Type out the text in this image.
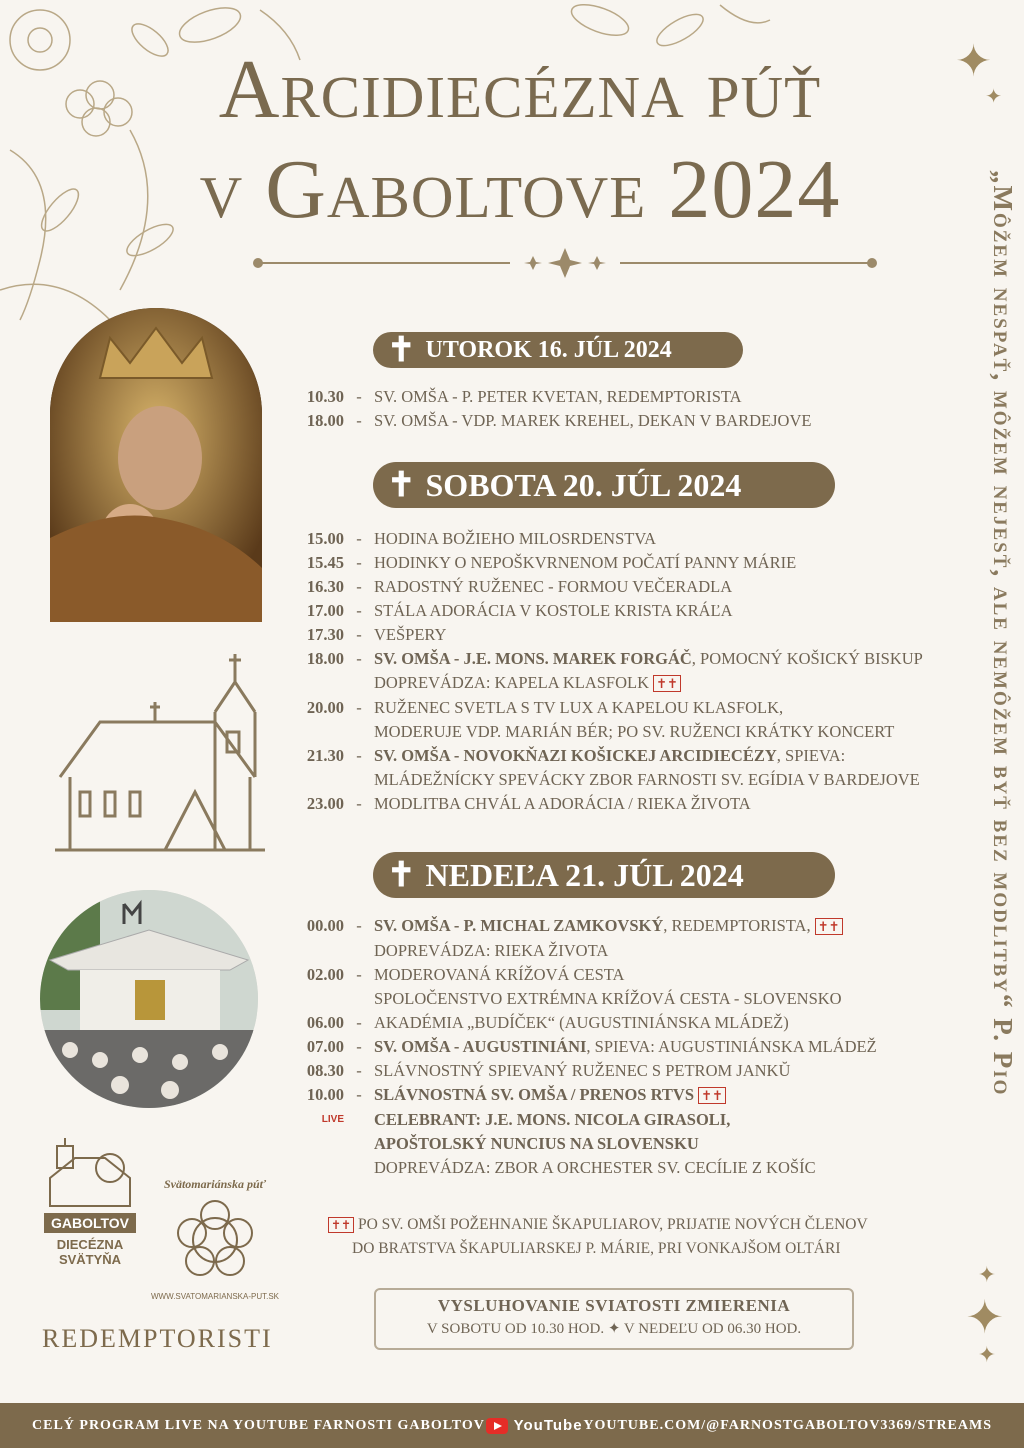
Arcidiecézna púť
v Gaboltove 2024
✦
✦
✦
✦
✦
„Môžem nespať, môžem nejesť, ale nemôžem byť bez modlitby“ P. Pio
✝ UTOROK 16. JÚL 2024
10.30 - SV. OMŠA - P. PETER KVETAN, REDEMPTORISTA
18.00 - SV. OMŠA - VDP. MAREK KREHEL, DEKAN V BARDEJOVE
✝ SOBOTA 20. JÚL 2024
15.00 - HODINA BOŽIEHO MILOSRDENSTVA
15.45 - HODINKY O NEPOŠKVRNENOM POČATÍ PANNY MÁRIE
16.30 - RADOSTNÝ RUŽENEC - FORMOU VEČERADLA
17.00 - STÁLA ADORÁCIA V KOSTOLE KRISTA KRÁĽA
17.30 - VEŠPERY
18.00 - SV. OMŠA - J.E. MONS. MAREK FORGÁČ, POMOCNÝ KOŠICKÝ BISKUP
DOPREVÁDZA: KAPELA KLASFOLK ✝✝
20.00 - RUŽENEC SVETLA S TV LUX A KAPELOU KLASFOLK,
MODERUJE VDP. MARIÁN BÉR; PO SV. RUŽENCI KRÁTKY KONCERT
21.30 - SV. OMŠA - NOVOKŇAZI KOŠICKEJ ARCIDIECÉZY, SPIEVA:
MLÁDEŽNÍCKY SPEVÁCKY ZBOR FARNOSTI SV. EGÍDIA V BARDEJOVE
23.00 - MODLITBA CHVÁL A ADORÁCIA / RIEKA ŽIVOTA
✝ NEDEĽA 21. JÚL 2024
00.00 - SV. OMŠA - P. MICHAL ZAMKOVSKÝ, REDEMPTORISTA, ✝✝
DOPREVÁDZA: RIEKA ŽIVOTA
02.00 - MODEROVANÁ KRÍŽOVÁ CESTA
SPOLOČENSTVO EXTRÉMNA KRÍŽOVÁ CESTA - SLOVENSKO
06.00 - AKADÉMIA „BUDÍČEK“ (AUGUSTINIÁNSKA MLÁDEŽ)
07.00 - SV. OMŠA - AUGUSTINIÁNI, SPIEVA: AUGUSTINIÁNSKA MLÁDEŽ
08.30 - SLÁVNOSTNÝ SPIEVANÝ RUŽENEC S PETROM JANKŬ
10.00 - SLÁVNOSTNÁ SV. OMŠA / PRENOS RTVS ✝✝
LIVE CELEBRANT: J.E. MONS. NICOLA GIRASOLI,
APOŠTOLSKÝ NUNCIUS NA SLOVENSKU
DOPREVÁDZA: ZBOR A ORCHESTER SV. CECÍLIE Z KOŠÍC
✝✝ PO SV. OMŠI POŽEHNANIE ŠKAPULIAROV, PRIJATIE NOVÝCH ČLENOV
DO BRATSTVA ŠKAPULIARSKEJ P. MÁRIE, PRI VONKAJŠOM OLTÁRI
VYSLUHOVANIE SVIATOSTI ZMIERENIA
V SOBOTU OD 10.30 HOD. ✦ V NEDEĽU OD 06.30 HOD.
GABOLTOV
DIECÉZNA
SVÄTYŇA
Svätomariánska púť
WWW.SVATOMARIANSKA-PUT.SK
REDEMPTORISTI
CELÝ PROGRAM LIVE NA YOUTUBE FARNOSTI GABOLTOV YouTube YOUTUBE.COM/@FARNOSTGABOLTOV3369/STREAMS
